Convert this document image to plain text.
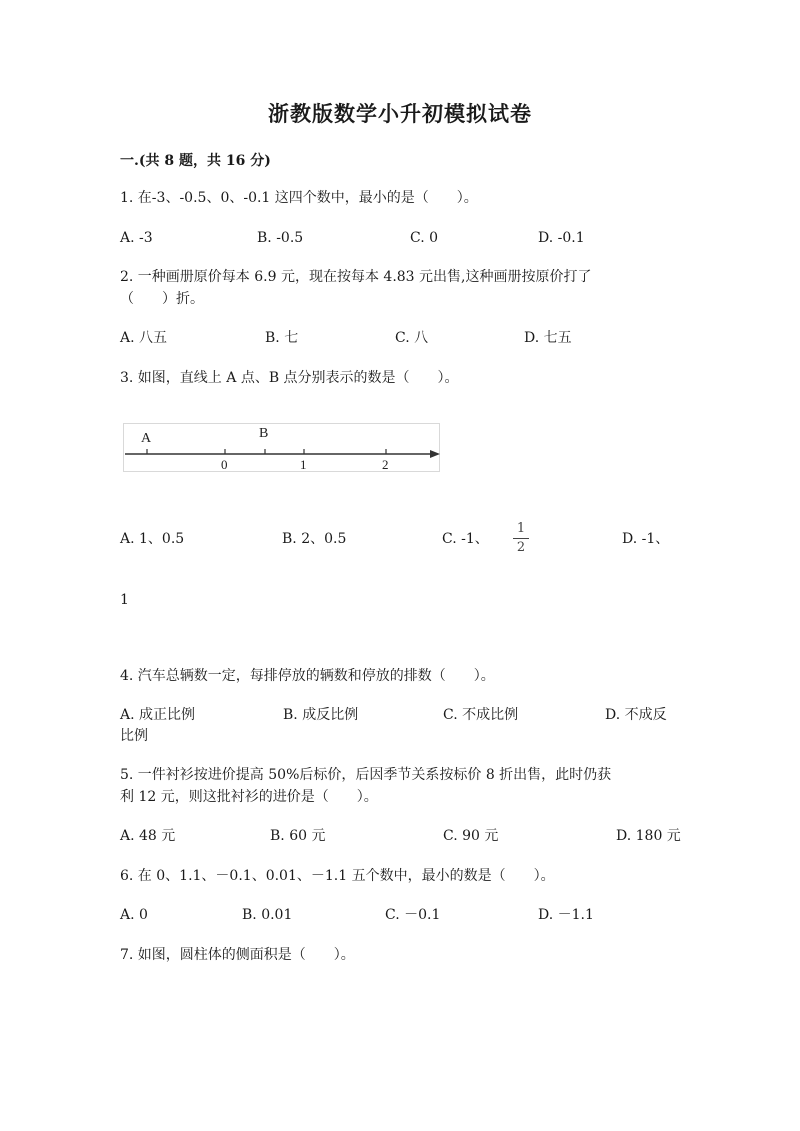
浙教版数学小升初模拟试卷
一.(共 8 题，共 16 分)
1. 在-3、-0.5、0、-0.1 这四个数中，最小的是（　　）。
A. -3	B. -0.5	C. 0	D. -0.1
2. 一种画册原价每本 6.9 元，现在按每本 4.83 元出售,这种画册按原价打了
（　　）折。
A. 八五	B. 七	C. 八	D. 七五
3. 如图，直线上 A 点、B 点分别表示的数是（　　）。
A	B
0	1	2
A. 1、0.5	B. 2、0.5	C. -1、
1
2
D. -1、
1
4. 汽车总辆数一定，每排停放的辆数和停放的排数（　　）。
A. 成正比例	B. 成反比例	C. 不成比例	D. 不成反
比例
5. 一件衬衫按进价提高 50%后标价，后因季节关系按标价 8 折出售，此时仍获
利 12 元，则这批衬衫的进价是（　　）。
A. 48 元	B. 60 元	C. 90 元	D. 180 元
6. 在 0、1.1、－0.1、0.01、－1.1 五个数中，最小的数是（　　）。
A. 0	B. 0.01	C. －0.1	D. －1.1
7. 如图，圆柱体的侧面积是（　　）。
